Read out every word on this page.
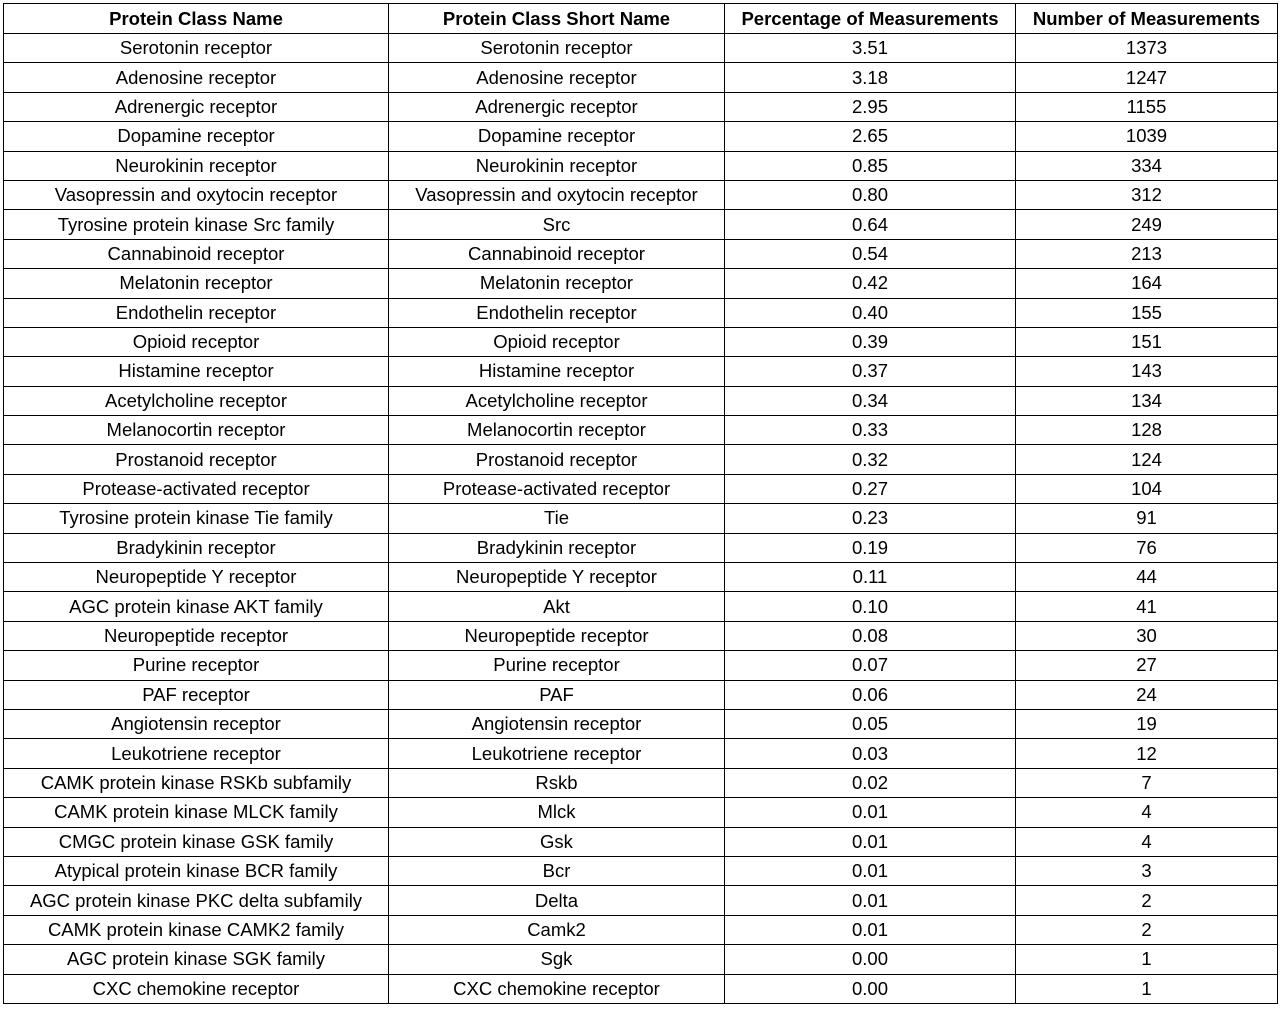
Protein Class Name	Protein Class Short Name	Percentage of Measurements	Number of Measurements
Serotonin receptor	Serotonin receptor	3.51	1373
Adenosine receptor	Adenosine receptor	3.18	1247
Adrenergic receptor	Adrenergic receptor	2.95	1155
Dopamine receptor	Dopamine receptor	2.65	1039
Neurokinin receptor	Neurokinin receptor	0.85	334
Vasopressin and oxytocin receptor	Vasopressin and oxytocin receptor	0.80	312
Tyrosine protein kinase Src family	Src	0.64	249
Cannabinoid receptor	Cannabinoid receptor	0.54	213
Melatonin receptor	Melatonin receptor	0.42	164
Endothelin receptor	Endothelin receptor	0.40	155
Opioid receptor	Opioid receptor	0.39	151
Histamine receptor	Histamine receptor	0.37	143
Acetylcholine receptor	Acetylcholine receptor	0.34	134
Melanocortin receptor	Melanocortin receptor	0.33	128
Prostanoid receptor	Prostanoid receptor	0.32	124
Protease-activated receptor	Protease-activated receptor	0.27	104
Tyrosine protein kinase Tie family	Tie	0.23	91
Bradykinin receptor	Bradykinin receptor	0.19	76
Neuropeptide Y receptor	Neuropeptide Y receptor	0.11	44
AGC protein kinase AKT family	Akt	0.10	41
Neuropeptide receptor	Neuropeptide receptor	0.08	30
Purine receptor	Purine receptor	0.07	27
PAF receptor	PAF	0.06	24
Angiotensin receptor	Angiotensin receptor	0.05	19
Leukotriene receptor	Leukotriene receptor	0.03	12
CAMK protein kinase RSKb subfamily	Rskb	0.02	7
CAMK protein kinase MLCK family	Mlck	0.01	4
CMGC protein kinase GSK family	Gsk	0.01	4
Atypical protein kinase BCR family	Bcr	0.01	3
AGC protein kinase PKC delta subfamily	Delta	0.01	2
CAMK protein kinase CAMK2 family	Camk2	0.01	2
AGC protein kinase SGK family	Sgk	0.00	1
CXC chemokine receptor	CXC chemokine receptor	0.00	1
